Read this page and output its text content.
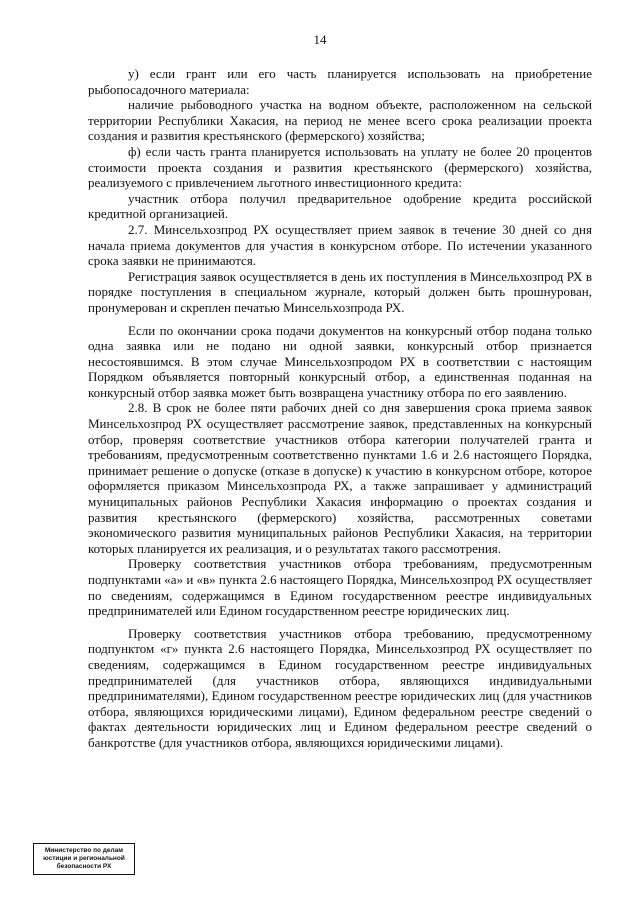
14

у) если грант или его часть планируется использовать на приобретение рыбопосадочного материала:

наличие рыбоводного участка на водном объекте, расположенном на сельской территории Республики Хакасия, на период не менее всего срока реализации проекта создания и развития крестьянского (фермерского) хозяйства;

ф) если часть гранта планируется использовать на уплату не более 20 процентов стоимости проекта создания и развития крестьянского (фермерского) хозяйства, реализуемого с привлечением льготного инвестиционного кредита:

участник отбора получил предварительное одобрение кредита российской кредитной организацией.

2.7. Минсельхозпрод РХ осуществляет прием заявок в течение 30 дней со дня начала приема документов для участия в конкурсном отборе. По истечении указанного срока заявки не принимаются.

Регистрация заявок осуществляется в день их поступления в Минсельхозпрод РХ в порядке поступления в специальном журнале, который должен быть прошнурован, пронумерован и скреплен печатью Минсельхозпрода РХ.

Если по окончании срока подачи документов на конкурсный отбор подана только одна заявка или не подано ни одной заявки, конкурсный отбор признается несостоявшимся. В этом случае Минсельхозпродом РХ в соответствии с настоящим Порядком объявляется повторный конкурсный отбор, а единственная поданная на конкурсный отбор заявка может быть возвращена участнику отбора по его заявлению.

2.8. В срок не более пяти рабочих дней со дня завершения срока приема заявок Минсельхозпрод РХ осуществляет рассмотрение заявок, представленных на конкурсный отбор, проверяя соответствие участников отбора категории получателей гранта и требованиям, предусмотренным соответственно пунктами 1.6 и 2.6 настоящего Порядка, принимает решение о допуске (отказе в допуске) к участию в конкурсном отборе, которое оформляется приказом Минсельхозпрода РХ, а также запрашивает у администраций муниципальных районов Республики Хакасия информацию о проектах создания и развития крестьянского (фермерского) хозяйства, рассмотренных советами экономического развития муниципальных районов Республики Хакасия, на территории которых планируется их реализация, и о результатах такого рассмотрения.

Проверку соответствия участников отбора требованиям, предусмотренным подпунктами «а» и «в» пункта 2.6 настоящего Порядка, Минсельхозпрод РХ осуществляет по сведениям, содержащимся в Едином государственном реестре индивидуальных предпринимателей или Едином государственном реестре юридических лиц.

Проверку соответствия участников отбора требованию, предусмотренному подпунктом «г» пункта 2.6 настоящего Порядка, Минсельхозпрод РХ осуществляет по сведениям, содержащимся в Едином государственном реестре индивидуальных предпринимателей (для участников отбора, являющихся индивидуальными предпринимателями), Едином государственном реестре юридических лиц (для участников отбора, являющихся юридическими лицами), Едином федеральном реестре сведений о фактах деятельности юридических лиц и Едином федеральном реестре сведений о банкротстве (для участников отбора, являющихся юридическими лицами).

Министерство по делам
юстиции и региональной
безопасности РХ
